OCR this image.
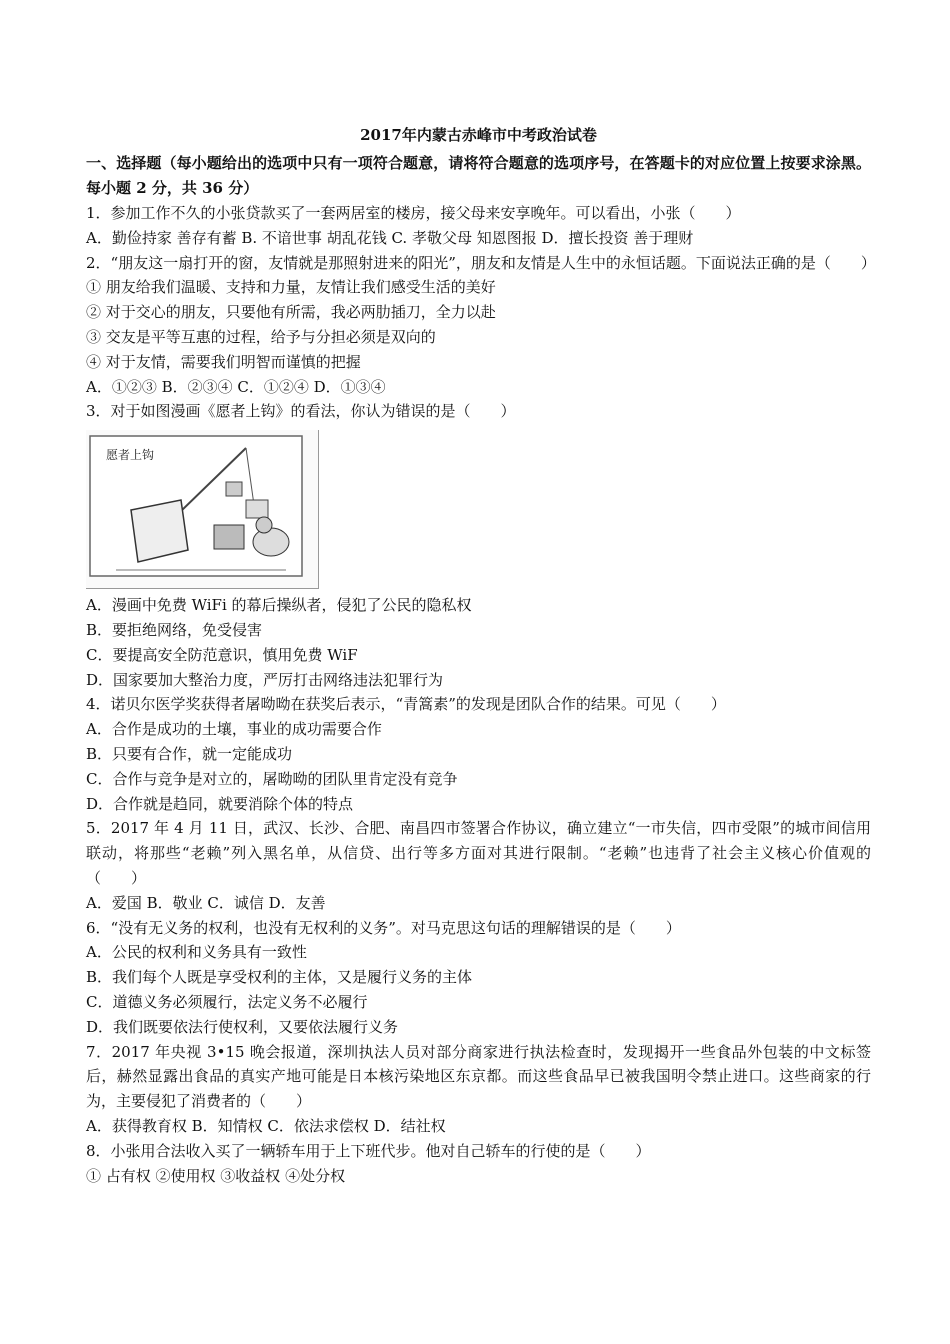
2017年内蒙古赤峰市中考政治试卷

一、选择题（每小题给出的选项中只有一项符合题意，请将符合题意的选项序号，在答题卡的对应位置上按要求涂黑。每小题 2 分，共 36 分）

1．参加工作不久的小张贷款买了一套两居室的楼房，接父母来安享晚年。可以看出，小张（　　）

A．勤俭持家 善存有蓄 B. 不谙世事 胡乱花钱 C. 孝敬父母 知恩图报 D．擅长投资 善于理财

2．“朋友这一扇打开的窗，友情就是那照射进来的阳光”，朋友和友情是人生中的永恒话题。下面说法正确的是（　　）

① 朋友给我们温暖、支持和力量，友情让我们感受生活的美好

② 对于交心的朋友，只要他有所需，我必两肋插刀，全力以赴

③ 交友是平等互惠的过程，给予与分担必须是双向的

④ 对于友情，需要我们明智而谨慎的把握

A．①②③ B．②③④ C．①②④ D．①③④

3．对于如图漫画《愿者上钩》的看法，你认为错误的是（　　）

愿者上钩

A．漫画中免费 WiFi 的幕后操纵者，侵犯了公民的隐私权

B．要拒绝网络，免受侵害

C．要提高安全防范意识，慎用免费 WiF

D．国家要加大整治力度，严厉打击网络违法犯罪行为

4．诺贝尔医学奖获得者屠呦呦在获奖后表示，“青篙素”的发现是团队合作的结果。可见（　　）

A．合作是成功的土壤，事业的成功需要合作

B．只要有合作，就一定能成功

C．合作与竞争是对立的，屠呦呦的团队里肯定没有竞争

D．合作就是趋同，就要消除个体的特点

5．2017 年 4 月 11 日，武汉、长沙、合肥、南昌四市签署合作协议，确立建立“一市失信，四市受限”的城市间信用联动，将那些“老赖”列入黑名单，从信贷、出行等多方面对其进行限制。“老赖”也违背了社会主义核心价值观的（　　）

A．爱国 B．敬业 C．诚信 D．友善

6．“没有无义务的权利，也没有无权利的义务”。对马克思这句话的理解错误的是（　　）

A．公民的权利和义务具有一致性

B．我们每个人既是享受权利的主体，又是履行义务的主体

C．道德义务必须履行，法定义务不必履行

D．我们既要依法行使权利，又要依法履行义务

7．2017 年央视 3•15 晚会报道，深圳执法人员对部分商家进行执法检查时，发现揭开一些食品外包装的中文标签后，赫然显露出食品的真实产地可能是日本核污染地区东京都。而这些食品早已被我国明令禁止进口。这些商家的行为，主要侵犯了消费者的（　　）

A．获得教育权 B．知情权 C．依法求偿权 D．结社权

8．小张用合法收入买了一辆轿车用于上下班代步。他对自己轿车的行使的是（　　）

① 占有权 ②使用权 ③收益权 ④处分权
